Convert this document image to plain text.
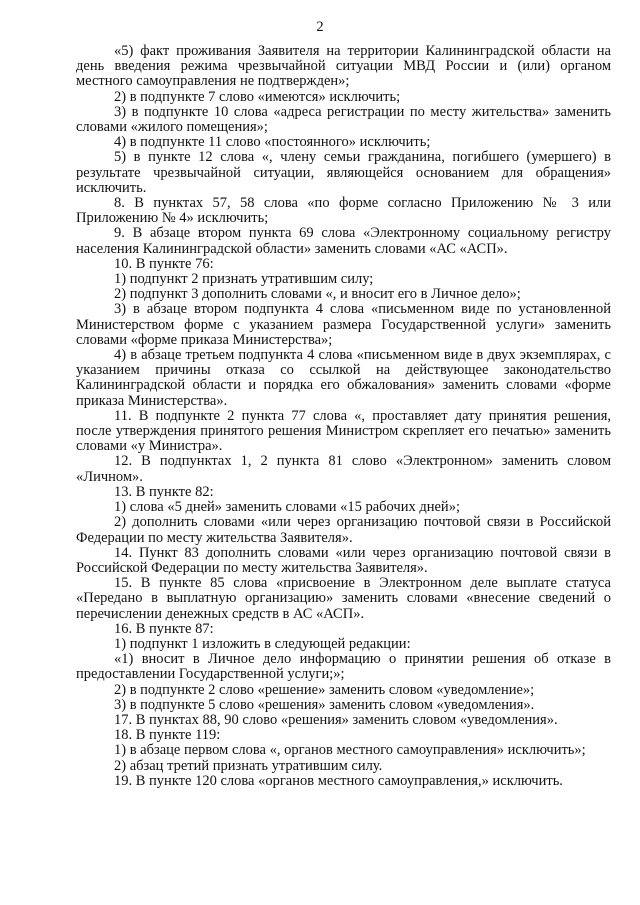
2

«5) факт проживания Заявителя на территории Калининградской области на день введения режима чрезвычайной ситуации МВД России и (или) органом местного самоуправления не подтвержден»;

2) в подпункте 7 слово «имеются» исключить;

3) в подпункте 10 слова «адреса регистрации по месту жительства» заменить словами «жилого помещения»;

4) в подпункте 11 слово «постоянного» исключить;

5) в пункте 12 слова «, члену семьи гражданина, погибшего (умершего) в результате чрезвычайной ситуации, являющейся основанием для обращения» исключить.

8. В пунктах 57, 58 слова «по форме согласно Приложению № 3 или Приложению № 4» исключить;

9. В абзаце втором пункта 69 слова «Электронному социальному регистру населения Калининградской области» заменить словами «АС «АСП».

10. В пункте 76:

1) подпункт 2 признать утратившим силу;

2) подпункт 3 дополнить словами «, и вносит его в Личное дело»;

3) в абзаце втором подпункта 4 слова «письменном виде по установленной Министерством форме с указанием размера Государственной услуги» заменить словами «форме приказа Министерства»;

4) в абзаце третьем подпункта 4 слова «письменном виде в двух экземплярах, с указанием причины отказа со ссылкой на действующее законодательство Калининградской области и порядка его обжалования» заменить словами «форме приказа Министерства».

11. В подпункте 2 пункта 77 слова «, проставляет дату принятия решения, после утверждения принятого решения Министром скрепляет его печатью» заменить словами «у Министра».

12. В подпунктах 1, 2 пункта 81 слово «Электронном» заменить словом «Личном».

13. В пункте 82:

1) слова «5 дней» заменить словами «15 рабочих дней»;

2) дополнить словами «или через организацию почтовой связи в Российской Федерации по месту жительства Заявителя».

14. Пункт 83 дополнить словами «или через организацию почтовой связи в Российской Федерации по месту жительства Заявителя».

15. В пункте 85 слова «присвоение в Электронном деле выплате статуса «Передано в выплатную организацию» заменить словами «внесение сведений о перечислении денежных средств в АС «АСП».

16. В пункте 87:

1) подпункт 1 изложить в следующей редакции:

«1) вносит в Личное дело информацию о принятии решения об отказе в предоставлении Государственной услуги;»;

2) в подпункте 2 слово «решение» заменить словом «уведомление»;

3) в подпункте 5 слово «решения» заменить словом «уведомления».

17. В пунктах 88, 90 слово «решения» заменить словом «уведомления».

18. В пункте 119:

1) в абзаце первом слова «, органов местного самоуправления» исключить»;

2) абзац третий признать утратившим силу.

19. В пункте 120 слова «органов местного самоуправления,» исключить.
